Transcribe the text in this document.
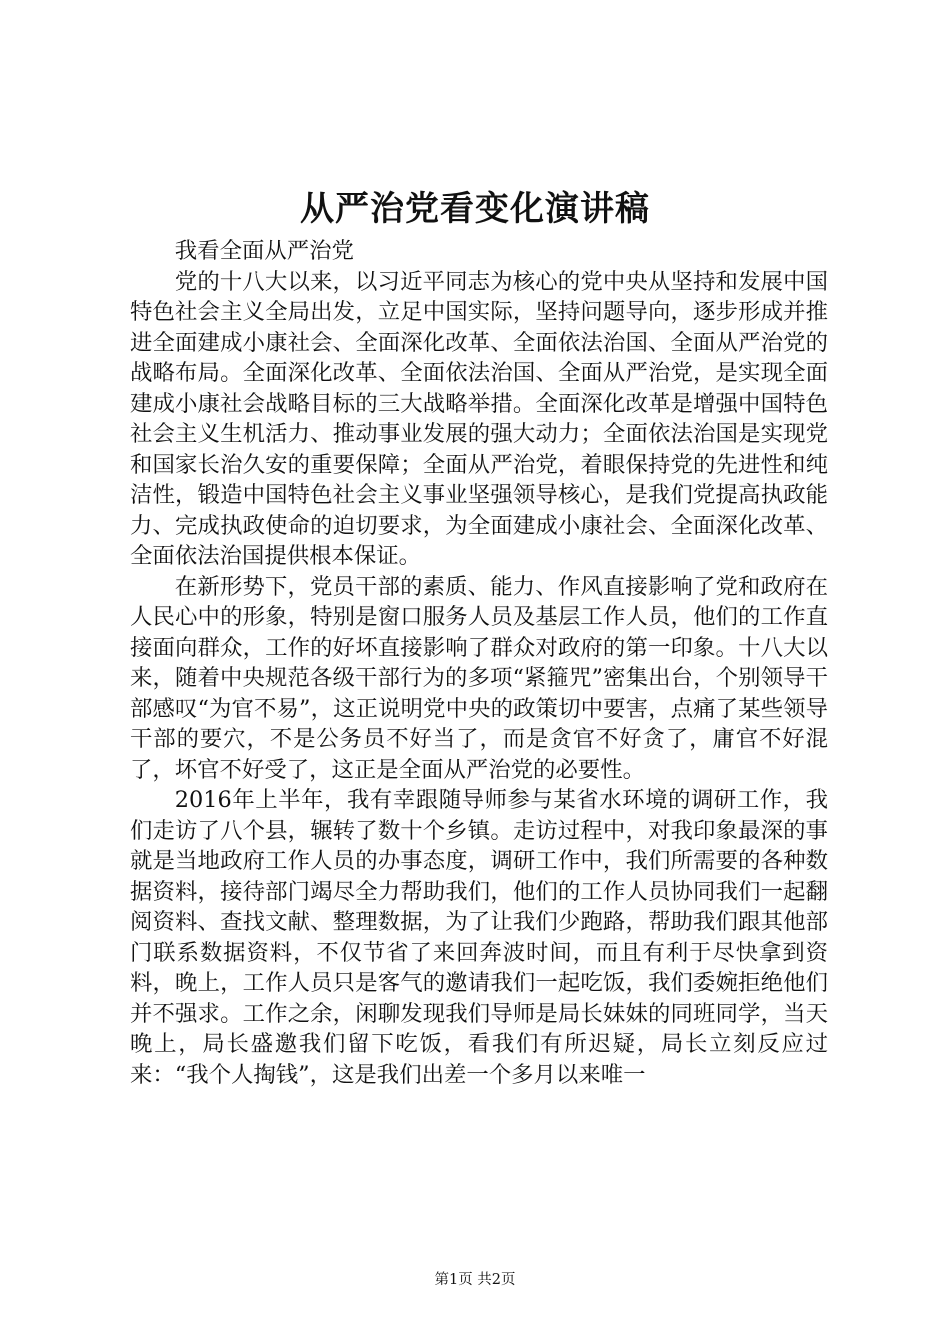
从严治党看变化演讲稿

我看全面从严治党

党的十八大以来，以习近平同志为核心的党中央从坚持和发展中国特色社会主义全局出发，立足中国实际，坚持问题导向，逐步形成并推进全面建成小康社会、全面深化改革、全面依法治国、全面从严治党的战略布局。全面深化改革、全面依法治国、全面从严治党，是实现全面建成小康社会战略目标的三大战略举措。全面深化改革是增强中国特色社会主义生机活力、推动事业发展的强大动力；全面依法治国是实现党和国家长治久安的重要保障；全面从严治党，着眼保持党的先进性和纯洁性，锻造中国特色社会主义事业坚强领导核心，是我们党提高执政能力、完成执政使命的迫切要求，为全面建成小康社会、全面深化改革、全面依法治国提供根本保证。

在新形势下，党员干部的素质、能力、作风直接影响了党和政府在人民心中的形象，特别是窗口服务人员及基层工作人员，他们的工作直接面向群众，工作的好坏直接影响了群众对政府的第一印象。十八大以来，随着中央规范各级干部行为的多项“紧箍咒”密集出台，个别领导干部感叹“为官不易”，这正说明党中央的政策切中要害，点痛了某些领导干部的要穴，不是公务员不好当了，而是贪官不好贪了，庸官不好混了，坏官不好受了，这正是全面从严治党的必要性。

2016年上半年，我有幸跟随导师参与某省水环境的调研工作，我们走访了八个县，辗转了数十个乡镇。走访过程中，对我印象最深的事就是当地政府工作人员的办事态度，调研工作中，我们所需要的各种数据资料，接待部门竭尽全力帮助我们，他们的工作人员协同我们一起翻阅资料、查找文献、整理数据，为了让我们少跑路，帮助我们跟其他部门联系数据资料，不仅节省了来回奔波时间，而且有利于尽快拿到资料，晚上，工作人员只是客气的邀请我们一起吃饭，我们委婉拒绝他们并不强求。工作之余，闲聊发现我们导师是局长妹妹的同班同学，当天晚上，局长盛邀我们留下吃饭，看我们有所迟疑，局长立刻反应过来：“我个人掏钱”，这是我们出差一个多月以来唯一

第1页 共2页
